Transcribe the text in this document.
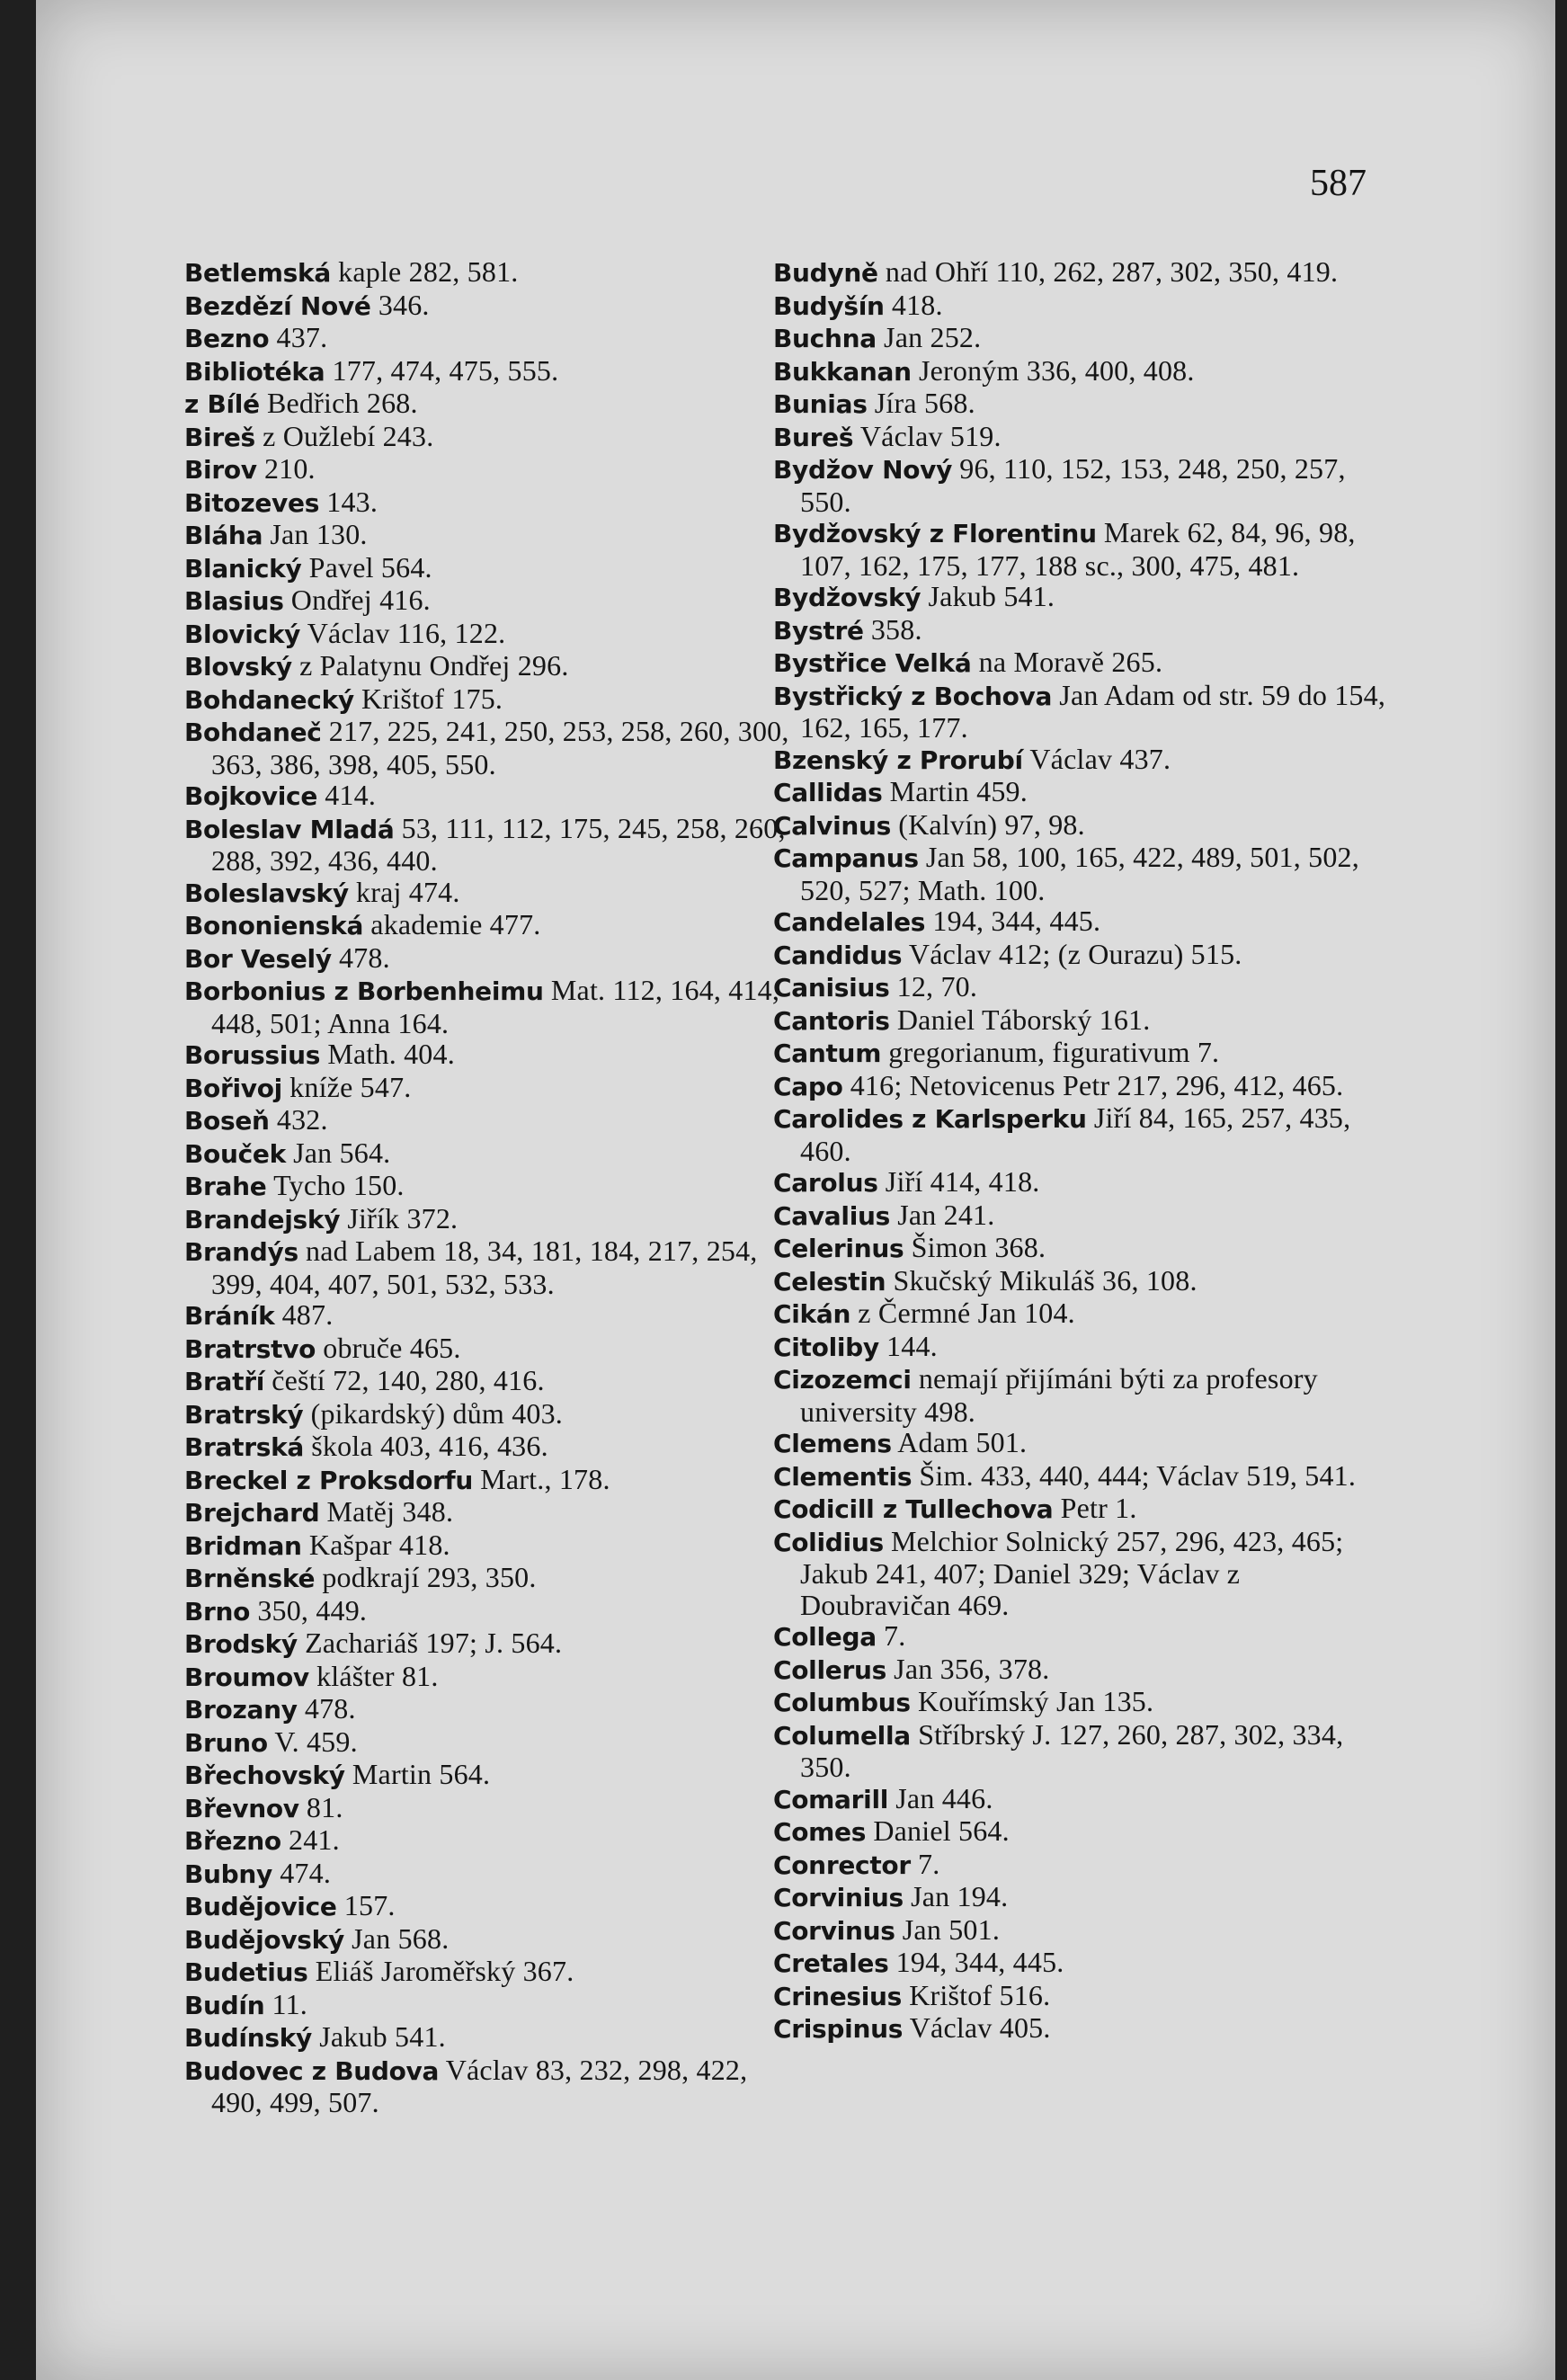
587
Betlemská kaple 282, 581.
Bezdězí Nové 346.
Bezno 437.
Bibliotéka 177, 474, 475, 555.
z Bílé Bedřich 268.
Bireš z Oužlebí 243.
Birov 210.
Bitozeves 143.
Bláha Jan 130.
Blanický Pavel 564.
Blasius Ondřej 416.
Blovický Václav 116, 122.
Blovský z Palatynu Ondřej 296.
Bohdanecký Krištof 175.
Bohdaneč 217, 225, 241, 250, 253, 258, 260, 300, 363, 386, 398, 405, 550.
Bojkovice 414.
Boleslav Mladá 53, 111, 112, 175, 245, 258, 260, 288, 392, 436, 440.
Boleslavský kraj 474.
Bononienská akademie 477.
Bor Veselý 478.
Borbonius z Borbenheimu Mat. 112, 164, 414, 448, 501; Anna 164.
Borussius Math. 404.
Bořivoj kníže 547.
Boseň 432.
Bouček Jan 564.
Brahe Tycho 150.
Brandejský Jiřík 372.
Brandýs nad Labem 18, 34, 181, 184, 217, 254, 399, 404, 407, 501, 532, 533.
Bráník 487.
Bratrstvo obruče 465.
Bratří čeští 72, 140, 280, 416.
Bratrský (pikardský) dům 403.
Bratrská škola 403, 416, 436.
Breckel z Proksdorfu Mart., 178.
Brejchard Matěj 348.
Bridman Kašpar 418.
Brněnské podkrají 293, 350.
Brno 350, 449.
Brodský Zachariáš 197; J. 564.
Broumov klášter 81.
Brozany 478.
Bruno V. 459.
Břechovský Martin 564.
Břevnov 81.
Březno 241.
Bubny 474.
Budějovice 157.
Budějovský Jan 568.
Budetius Eliáš Jaroměřský 367.
Budín 11.
Budínský Jakub 541.
Budovec z Budova Václav 83, 232, 298, 422, 490, 499, 507.
Budyně nad Ohří 110, 262, 287, 302, 350, 419.
Budyšín 418.
Buchna Jan 252.
Bukkanan Jeroným 336, 400, 408.
Bunias Jíra 568.
Bureš Václav 519.
Bydžov Nový 96, 110, 152, 153, 248, 250, 257, 550.
Bydžovský z Florentinu Marek 62, 84, 96, 98, 107, 162, 175, 177, 188 sc., 300, 475, 481.
Bydžovský Jakub 541.
Bystré 358.
Bystřice Velká na Moravě 265.
Bystřický z Bochova Jan Adam od str. 59 do 154, 162, 165, 177.
Bzenský z Prorubí Václav 437.
Callidas Martin 459.
Calvinus (Kalvín) 97, 98.
Campanus Jan 58, 100, 165, 422, 489, 501, 502, 520, 527; Math. 100.
Candelales 194, 344, 445.
Candidus Václav 412; (z Ourazu) 515.
Canisius 12, 70.
Cantoris Daniel Táborský 161.
Cantum gregorianum, figurativum 7.
Capo 416; Netovicenus Petr 217, 296, 412, 465.
Carolides z Karlsperku Jiří 84, 165, 257, 435, 460.
Carolus Jiří 414, 418.
Cavalius Jan 241.
Celerinus Šimon 368.
Celestin Skučský Mikuláš 36, 108.
Cikán z Čermné Jan 104.
Citoliby 144.
Cizozemci nemají přijímáni býti za profesory university 498.
Clemens Adam 501.
Clementis Šim. 433, 440, 444; Václav 519, 541.
Codicill z Tullechova Petr 1.
Colidius Melchior Solnický 257, 296, 423, 465; Jakub 241, 407; Daniel 329; Václav z Doubravičan 469.
Collega 7.
Collerus Jan 356, 378.
Columbus Kouřímský Jan 135.
Columella Stříbrský J. 127, 260, 287, 302, 334, 350.
Comarill Jan 446.
Comes Daniel 564.
Conrector 7.
Corvinius Jan 194.
Corvinus Jan 501.
Cretales 194, 344, 445.
Crinesius Krištof 516.
Crispinus Václav 405.
